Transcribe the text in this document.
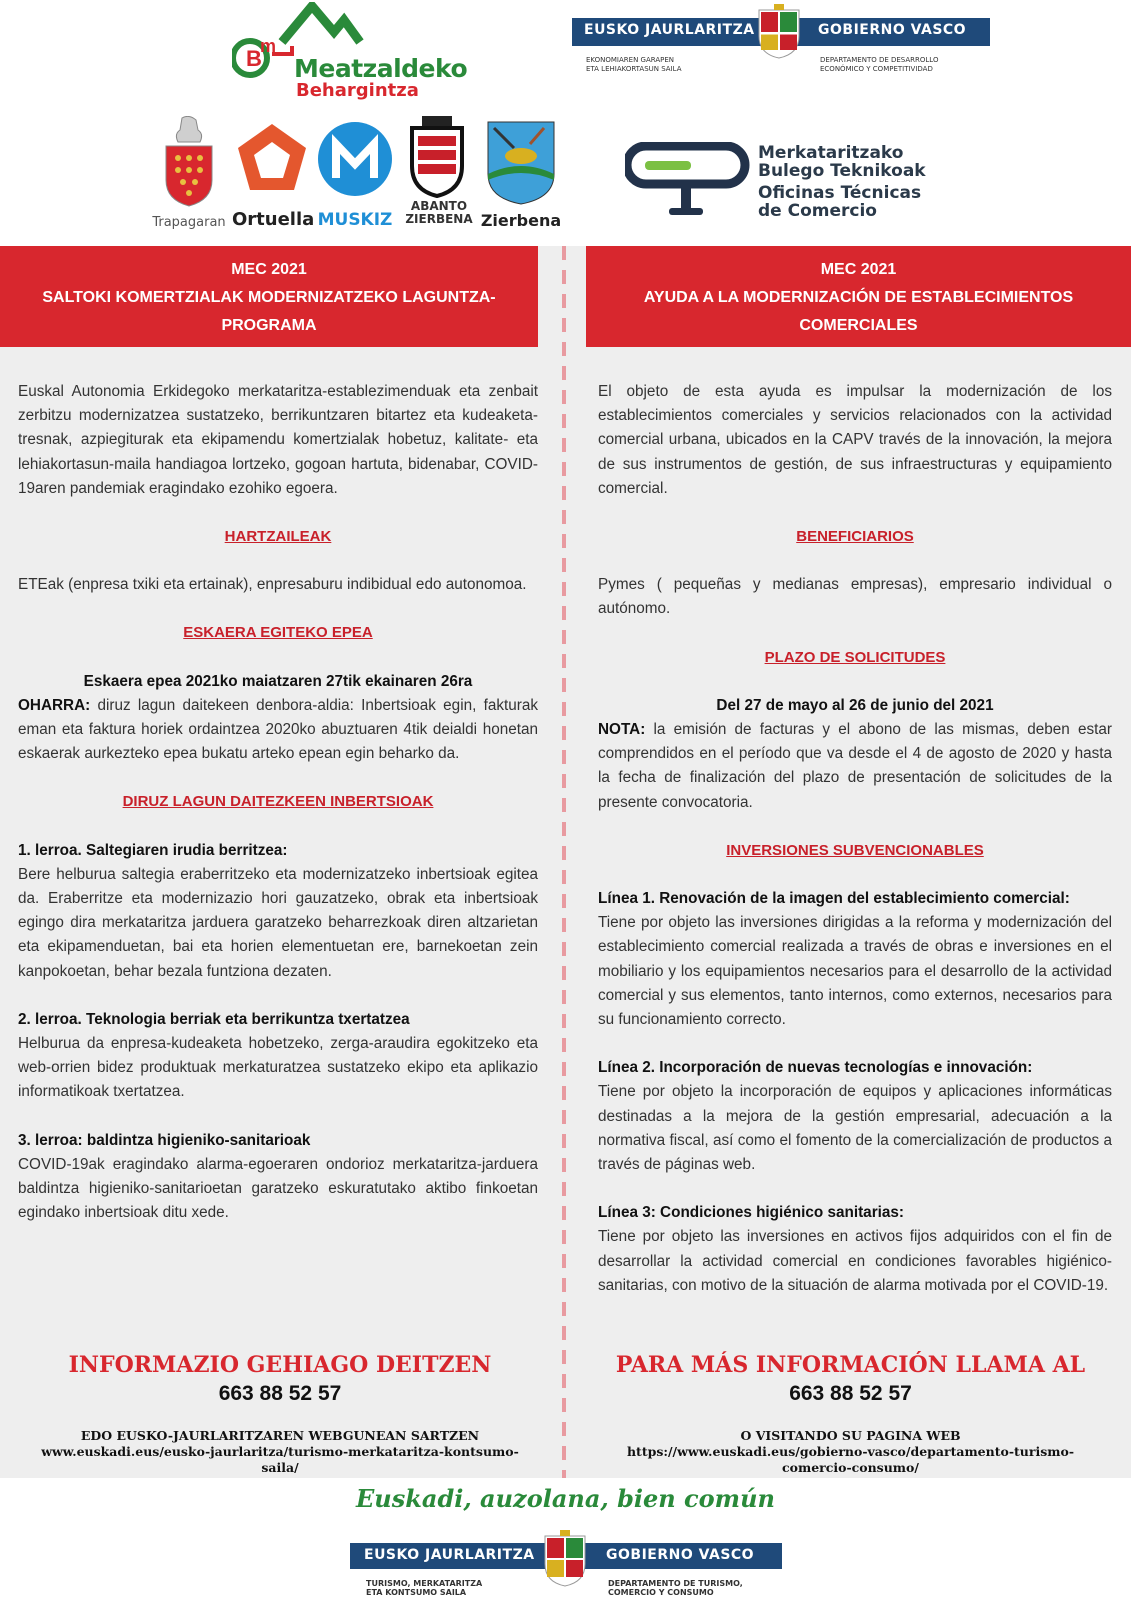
B
m
Meatzaldeko
Behargintza
EUSKO JAURLARITZA	GOBIERNO VASCO
EKONOMIAREN GARAPEN
ETA LEHIAKORTASUN SAILA
DEPARTAMENTO DE DESARROLLO
ECONÓMICO Y COMPETITIVIDAD
Trapagaran Ortuella MUSKIZ
ABANTO ZIERBENA Zierbena
Merkataritzako
Bulego Teknikoak
Oficinas Técnicas
de Comercio
MEC 2021
SALTOKI KOMERTZIALAK MODERNIZATZEKO LAGUNTZA-
PROGRAMA
MEC 2021
AYUDA A LA MODERNIZACIÓN DE ESTABLECIMIENTOS
COMERCIALES

Euskal Autonomia Erkidegoko merkataritza-establezimenduak eta zenbait zerbitzu modernizatzea sustatzeko, berrikuntzaren bitartez eta kudeaketa-tresnak, azpiegiturak eta ekipamendu komertzialak hobetuz, kalitate- eta lehiakortasun-maila handiagoa lortzeko, gogoan hartuta, bidenabar, COVID-19aren pandemiak eragindako ezohiko egoera.

HARTZAILEAK

ETEak (enpresa txiki eta ertainak), enpresaburu indibidual edo autonomoa.

ESKAERA EGITEKO EPEA

Eskaera epea 2021ko maiatzaren 27tik ekainaren 26ra

OHARRA: diruz lagun daitekeen denbora-aldia: Inbertsioak egin, fakturak eman eta faktura horiek ordaintzea 2020ko abuztuaren 4tik deialdi honetan eskaerak aurkezteko epea bukatu arteko epean egin beharko da.

DIRUZ LAGUN DAITEZKEEN INBERTSIOAK

1. lerroa. Saltegiaren irudia berritzea:

Bere helburua saltegia eraberritzeko eta modernizatzeko inbertsioak egitea da. Eraberritze eta modernizazio hori gauzatzeko, obrak eta inbertsioak egingo dira merkataritza jarduera garatzeko beharrezkoak diren altzarietan eta ekipamenduetan, bai eta horien elementuetan ere, barnekoetan zein kanpokoetan, behar bezala funtziona dezaten.

2. lerroa. Teknologia berriak eta berrikuntza txertatzea

Helburua da enpresa-kudeaketa hobetzeko, zerga-araudira egokitzeko eta web-orrien bidez produktuak merkaturatzea sustatzeko ekipo eta aplikazio informatikoak txertatzea.

3. lerroa: baldintza higieniko-sanitarioak

COVID-19ak eragindako alarma-egoeraren ondorioz merkataritza-jarduera baldintza higieniko-sanitarioetan garatzeko eskuratutako aktibo finkoetan egindako inbertsioak ditu xede.

El objeto de esta ayuda es impulsar la modernización de los establecimientos comerciales y servicios relacionados con la actividad comercial urbana, ubicados en la CAPV través de la innovación, la mejora de sus instrumentos de gestión, de sus infraestructuras y equipamiento comercial.

BENEFICIARIOS

Pymes ( pequeñas y medianas empresas), empresario individual o autónomo.

PLAZO DE SOLICITUDES

Del 27 de mayo al 26 de junio del 2021

NOTA: la emisión de facturas y el abono de las mismas, deben estar comprendidos en el período que va desde el 4 de agosto de 2020 y hasta la fecha de finalización del plazo de presentación de solicitudes de la presente convocatoria.

INVERSIONES SUBVENCIONABLES

Línea 1. Renovación de la imagen del establecimiento comercial:

Tiene por objeto las inversiones dirigidas a la reforma y modernización del establecimiento comercial realizada a través de obras e inversiones en el mobiliario y los equipamientos necesarios para el desarrollo de la actividad comercial y sus elementos, tanto internos, como externos, necesarios para su funcionamiento correcto.

Línea 2. Incorporación de nuevas tecnologías e innovación:

Tiene por objeto la incorporación de equipos y aplicaciones informáticas destinadas a la mejora de la gestión empresarial, adecuación a la normativa fiscal, así como el fomento de la comercialización de productos a través de páginas web.

Línea 3: Condiciones higiénico sanitarias:

Tiene por objeto las inversiones en activos fijos adquiridos con el fin de desarrollar la actividad comercial en condiciones favorables higiénico-sanitarias, con motivo de la situación de alarma motivada por el COVID-19.

INFORMAZIO GEHIAGO DEITZEN
663 88 52 57
EDO EUSKO-JAURLARITZAREN WEBGUNEAN SARTZEN
www.euskadi.eus/eusko-jaurlaritza/turismo-merkataritza-kontsumo-
saila/
PARA MÁS INFORMACIÓN LLAMA AL
663 88 52 57
O VISITANDO SU PAGINA WEB
https://www.euskadi.eus/gobierno-vasco/departamento-turismo-
comercio-consumo/
Euskadi, auzolana, bien común
EUSKO JAURLARITZA	GOBIERNO VASCO
TURISMO, MERKATARITZA
ETA KONTSUMO SAILA
DEPARTAMENTO DE TURISMO,
COMERCIO Y CONSUMO
